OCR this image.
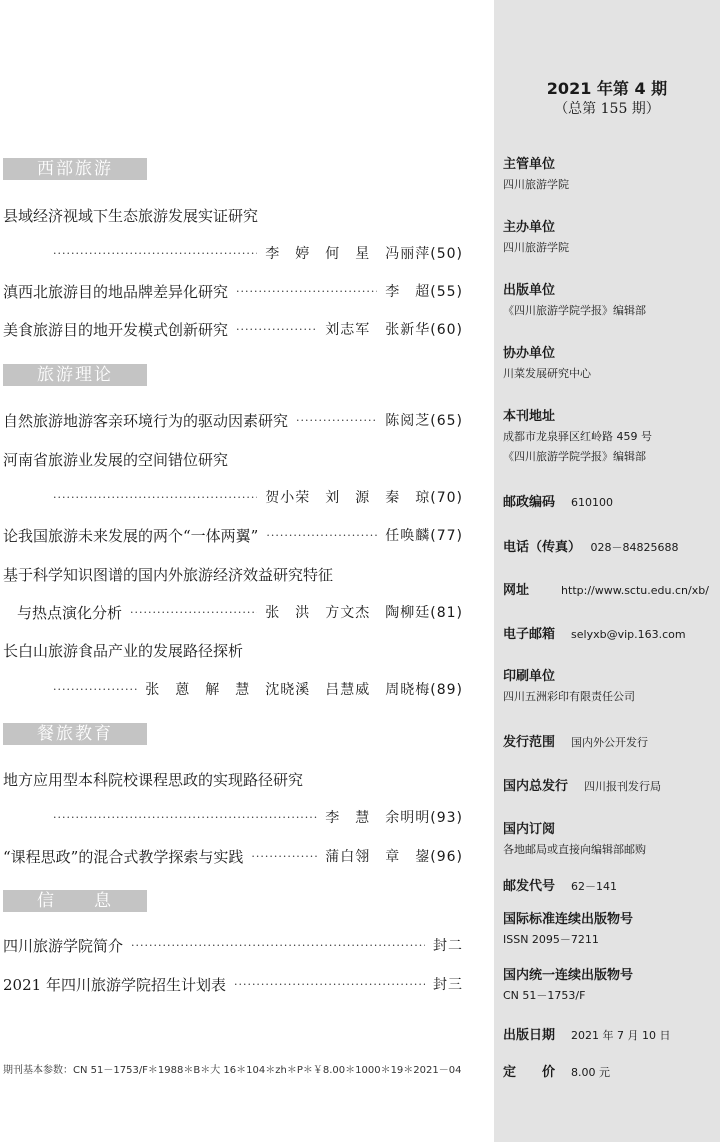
西部旅游
县域经济视域下生态旅游发展实证研究
·····
李　婷　何　星　冯丽萍(50)
滇西北旅游目的地品牌差异化研究 ·····	李　超(55)
美食旅游目的地开发模式创新研究 ·····	刘志军　张新华(60)
旅游理论
自然旅游地游客亲环境行为的驱动因素研究 ·····	陈阅芝(65)
河南省旅游业发展的空间错位研究
·····
贺小荣　刘　源　秦　琼(70)
论我国旅游未来发展的两个“一体两翼” ·····	任唤麟(77)
基于科学知识图谱的国内外旅游经济效益研究特征
与热点演化分析 ·····	张　洪　方文杰　陶柳廷(81)
长白山旅游食品产业的发展路径探析
·····
张　蒽　解　慧　沈晓溪　吕慧威　周晓梅(89)
餐旅教育
地方应用型本科院校课程思政的实现路径研究
·····
李　慧　余明明(93)
“课程思政”的混合式教学探索与实践 ·····	蒲白翎　章　鋆(96)
信　　息
四川旅游学院简介 ·····	封二
2021 年四川旅游学院招生计划表 ·····	封三
期刊基本参数：CN 51－1753/F＊1988＊B＊大 16＊104＊zh＊P＊￥8.00＊1000＊19＊2021－04
2021 年第 4 期
（总第 155 期）
主管单位
四川旅游学院
主办单位
四川旅游学院
出版单位
《四川旅游学院学报》编辑部
协办单位
川菜发展研究中心
本刊地址
成都市龙泉驿区红岭路 459 号
《四川旅游学院学报》编辑部
邮政编码　 610100
电话（传真）　 028－84825688
网址　　	http://www.sctu.edu.cn/xb/
电子邮箱　 selyxb@vip.163.com
印刷单位
四川五洲彩印有限责任公司
发行范围　 国内外公开发行
国内总发行　 四川报刊发行局
国内订阅
各地邮局或直接向编辑部邮购
邮发代号　 62－141
国际标准连续出版物号
ISSN 2095－7211
国内统一连续出版物号
CN 51－1753/F
出版日期　 2021 年 7 月 10 日
定　　价　 8.00 元
